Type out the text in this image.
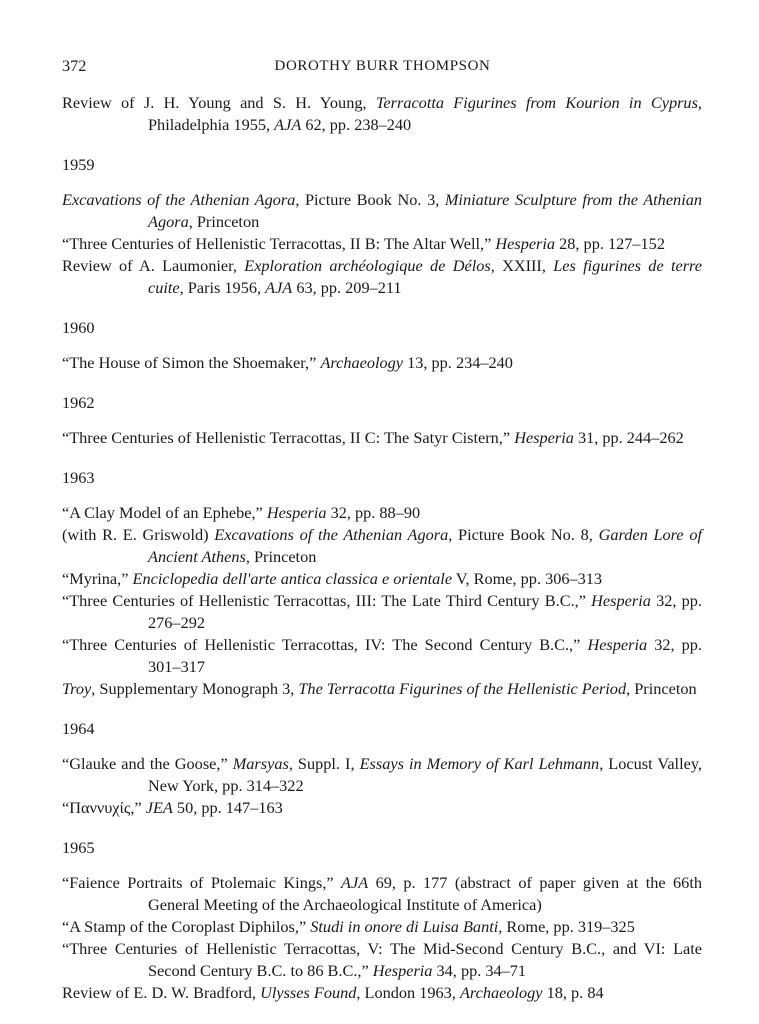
372	DOROTHY BURR THOMPSON

Review of J. H. Young and S. H. Young, Terracotta Figurines from Kourion in Cyprus, Philadelphia 1955, AJA 62, pp. 238–240

1959

Excavations of the Athenian Agora, Picture Book No. 3, Miniature Sculpture from the Athenian Agora, Princeton

“Three Centuries of Hellenistic Terracottas, II B: The Altar Well,” Hesperia 28, pp. 127–152

Review of A. Laumonier, Exploration archéologique de Délos, XXIII, Les figurines de terre cuite, Paris 1956, AJA 63, pp. 209–211

1960

“The House of Simon the Shoemaker,” Archaeology 13, pp. 234–240

1962

“Three Centuries of Hellenistic Terracottas, II C: The Satyr Cistern,” Hesperia 31, pp. 244–262

1963

“A Clay Model of an Ephebe,” Hesperia 32, pp. 88–90

(with R. E. Griswold) Excavations of the Athenian Agora, Picture Book No. 8, Garden Lore of Ancient Athens, Princeton

“Myrina,” Enciclopedia dell'arte antica classica e orientale V, Rome, pp. 306–313

“Three Centuries of Hellenistic Terracottas, III: The Late Third Century B.C.,” Hesperia 32, pp. 276–292

“Three Centuries of Hellenistic Terracottas, IV: The Second Century B.C.,” Hesperia 32, pp. 301–317

Troy, Supplementary Monograph 3, The Terracotta Figurines of the Hellenistic Period, Princeton

1964

“Glauke and the Goose,” Marsyas, Suppl. I, Essays in Memory of Karl Lehmann, Locust Valley, New York, pp. 314–322

“Παννυχίς,” JEA 50, pp. 147–163

1965

“Faience Portraits of Ptolemaic Kings,” AJA 69, p. 177 (abstract of paper given at the 66th General Meeting of the Archaeological Institute of America)

“A Stamp of the Coroplast Diphilos,” Studi in onore di Luisa Banti, Rome, pp. 319–325

“Three Centuries of Hellenistic Terracottas, V: The Mid-Second Century B.C., and VI: Late Second Century B.C. to 86 B.C.,” Hesperia 34, pp. 34–71

Review of E. D. W. Bradford, Ulysses Found, London 1963, Archaeology 18, p. 84
